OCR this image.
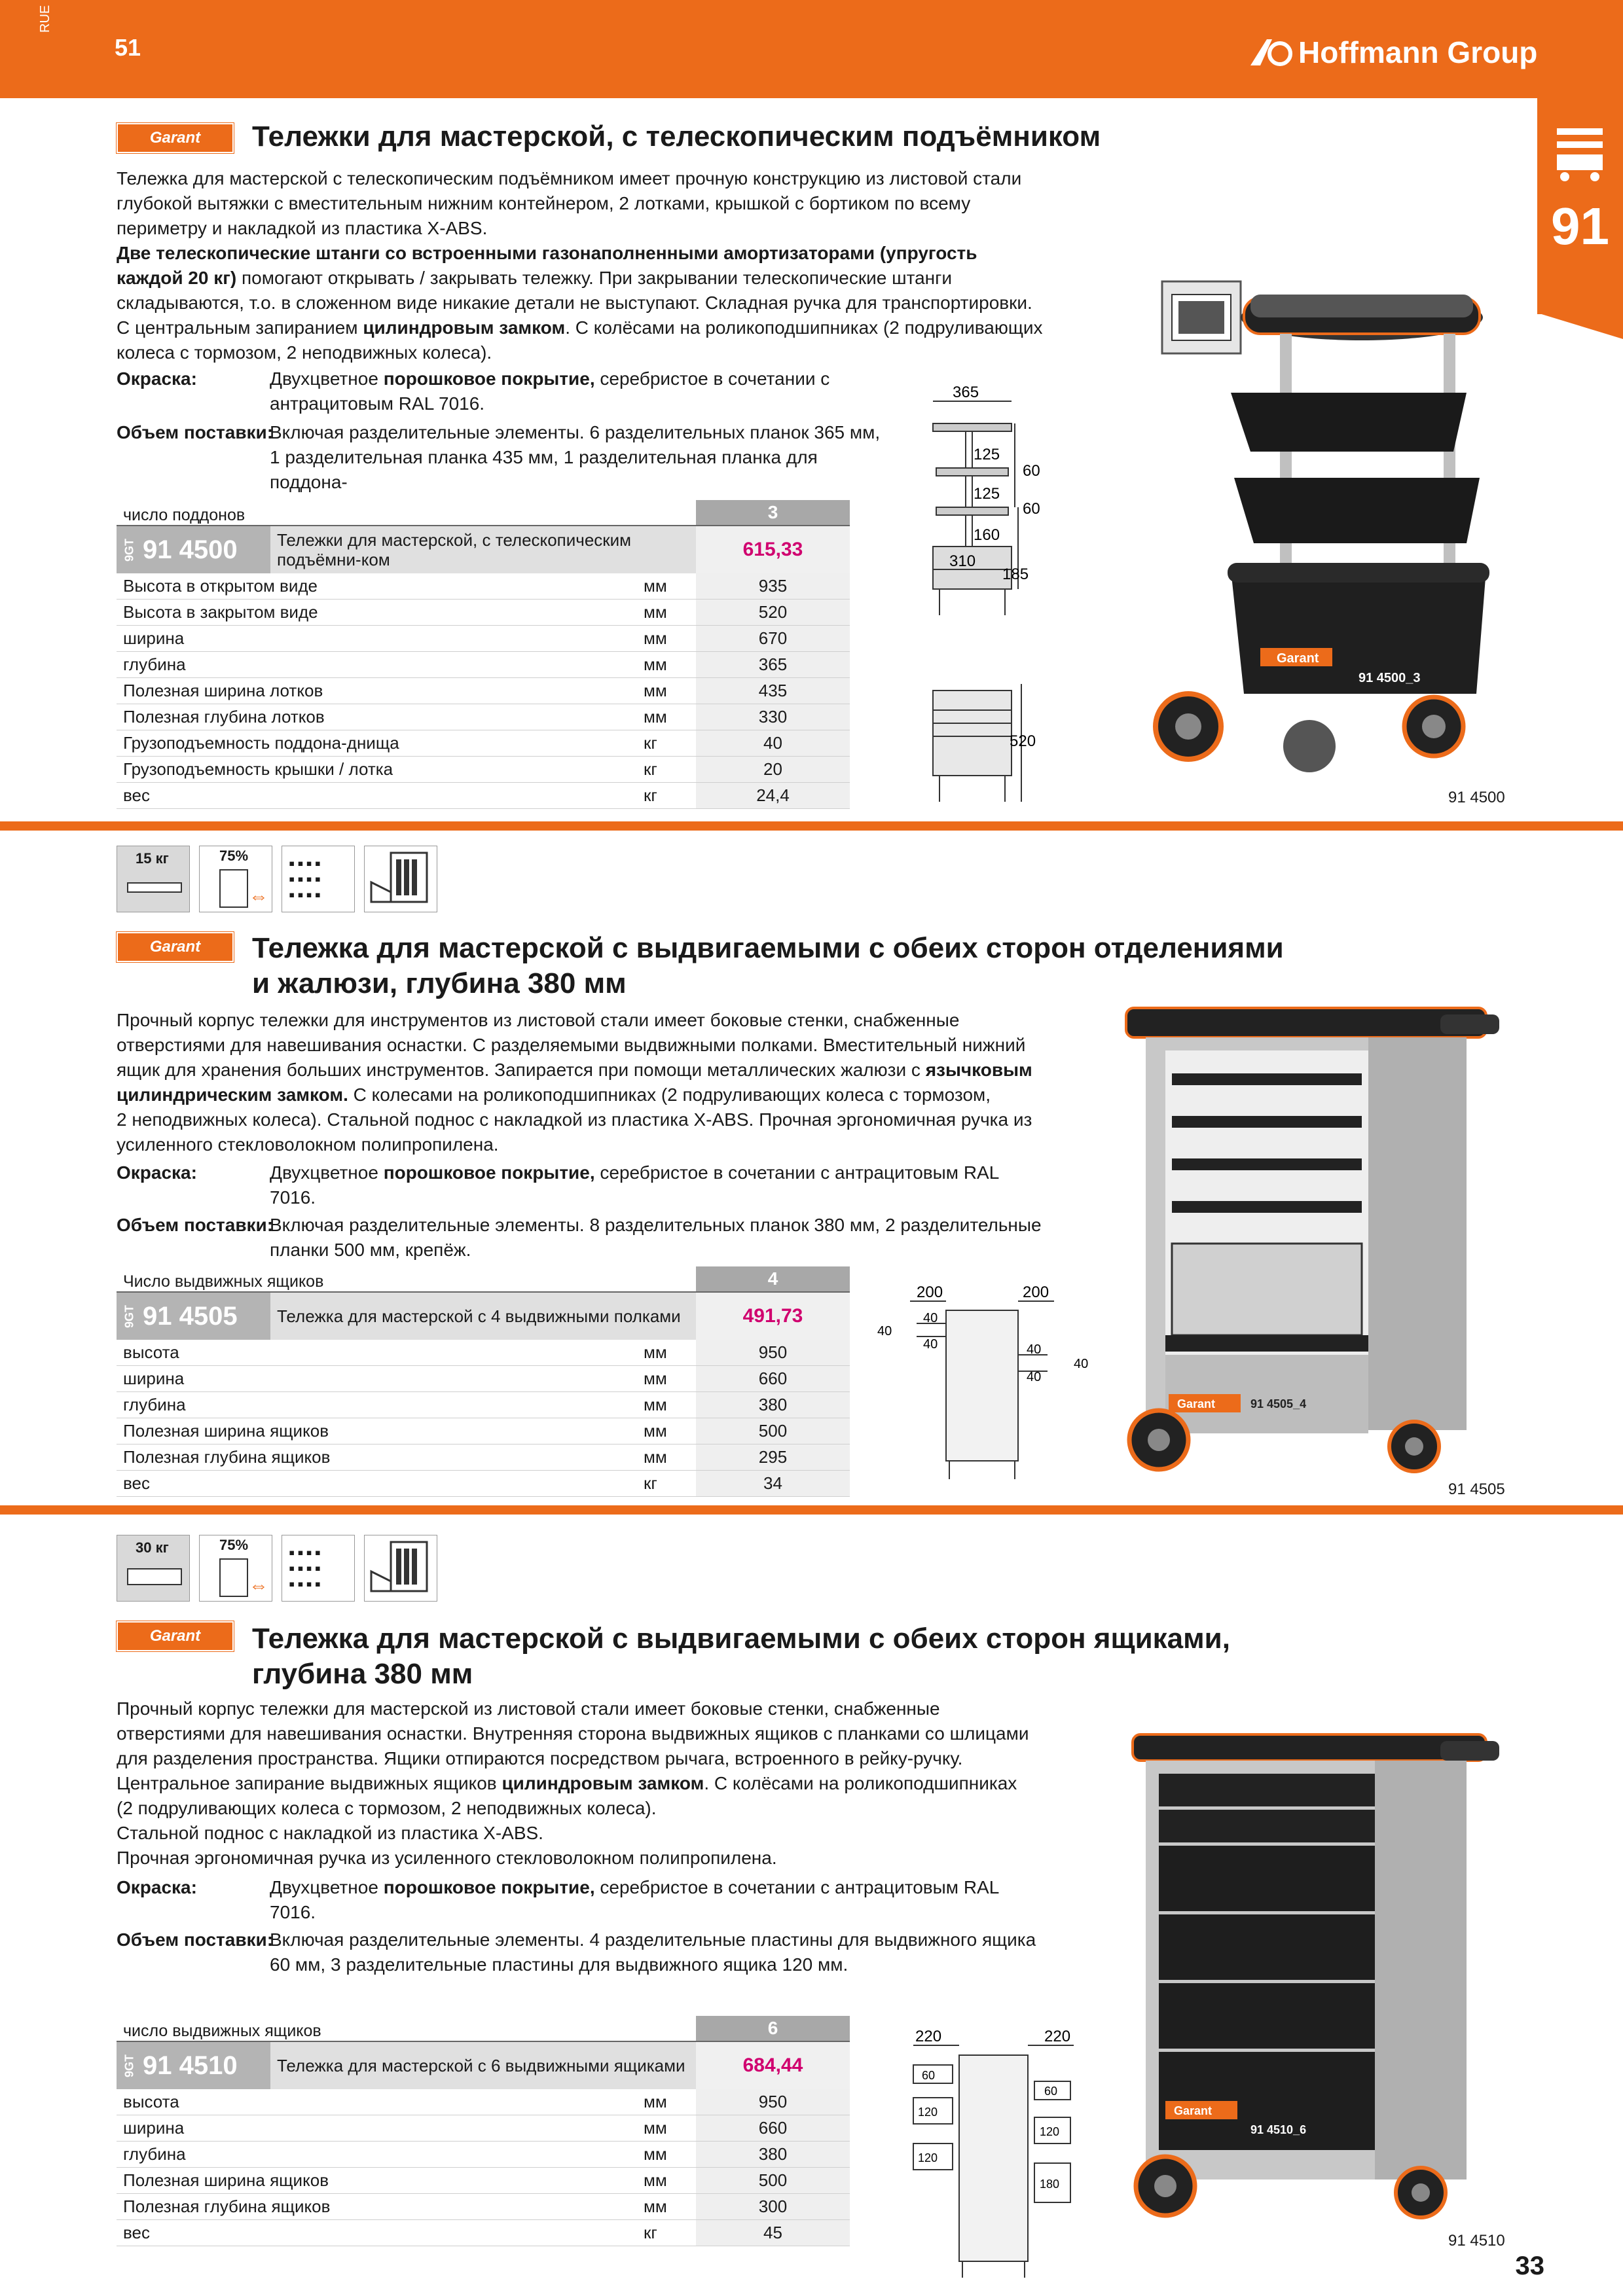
RUE
51	Hoffmann Group
91
Garant	Тележки для мастерской, с телескопическим подъёмником
Тележка для мастерской с телескопическим подъёмником имеет прочную конструкцию из листовой стали
глубокой вытяжки с вместительным нижним контейнером, 2 лотками, крышкой с бортиком по всему
периметру и накладкой из пластика X-ABS.
Две телескопические штанги со встроенными газонаполненными амортизаторами (упругость
каждой 20 кг) помогают открывать / закрывать тележку. При закрывании телескопические штанги
складываются, т.о. в сложенном виде никакие детали не выступают. Складная ручка для транспортировки.
С центральным запиранием цилиндровым замком. С колёсами на роликоподшипниках (2 подруливающих
колеса с тормозом, 2 неподвижных колеса).
Окраска:	Двухцветное порошковое покрытие, серебристое в сочетании с
антрацитовым RAL 7016.
Объем поставки:
Включая разделительные элементы. 6 разделительных планок 365 мм,
1 разделительная планка 435 мм, 1 разделительная планка для поддона-
число поддонов	3
9GT 91 4500	Тележки для мастерской, с телескопическим подъёмни-ком	615,33
Высота в открытом виде	мм	935
Высота в закрытом виде	мм	520
ширина	мм	670
глубина	мм	365
Полезная ширина лотков	мм	435
Полезная глубина лотков	мм	330
Грузоподъемность поддона-днища	кг	40
Грузоподъемность крышки / лотка	кг	20
вес	кг	24,4
365
125
125
60
60
160
310
185
520
Garant
91 4500_3
91 4500
15 кг	75%
⇔
▪▪▪▪
▪▪▪▪
▪▪▪▪
Garant	Тележка для мастерской с выдвигаемыми с обеих сторон отделениями
и жалюзи, глубина 380 мм
Прочный корпус тележки для инструментов из листовой стали имеет боковые стенки, снабженные
отверстиями для навешивания оснастки. С разделяемыми выдвижными полками. Вместительный нижний
ящик для хранения больших инструментов. Запирается при помощи металлических жалюзи с язычковым
цилиндрическим замком. С колесами на роликоподшипниках (2 подруливающих колеса с тормозом,
2 неподвижных колеса). Стальной поднос с накладкой из пластика X-ABS. Прочная эргономичная ручка из
усиленного стекловолокном полипропилена.
Окраска:	Двухцветное порошковое покрытие, серебристое в сочетании с антрацитовым RAL
7016.
Объем поставки:
Включая разделительные элементы. 8 разделительных планок 380 мм, 2 разделительные
планки 500 мм, крепёж.
Число выдвижных ящиков	4
9GT 91 4505	Тележка для мастерской с 4 выдвижными полками	491,73
высота	мм	950
ширина	мм	660
глубина	мм	380
Полезная ширина ящиков	мм	500
Полезная глубина ящиков	мм	295
вес	кг	34
200	200
40
40
40	40
40
40
Garant	91 4505_4
91 4505
30 кг	75%
⇔
▪▪▪▪
▪▪▪▪
▪▪▪▪
Garant	Тележка для мастерской с выдвигаемыми с обеих сторон ящиками,
глубина 380 мм
Прочный корпус тележки для мастерской из листовой стали имеет боковые стенки, снабженные
отверстиями для навешивания оснастки. Внутренняя сторона выдвижных ящиков с планками со шлицами
для разделения пространства. Ящики отпираются посредством рычага, встроенного в рейку-ручку.
Центральное запирание выдвижных ящиков цилиндровым замком. С колёсами на роликоподшипниках
(2 подруливающих колеса с тормозом, 2 неподвижных колеса).
Стальной поднос с накладкой из пластика X-ABS.
Прочная эргономичная ручка из усиленного стекловолокном полипропилена.
Окраска:	Двухцветное порошковое покрытие, серебристое в сочетании с антрацитовым RAL
7016.
Объем поставки:
Включая разделительные элементы. 4 разделительные пластины для выдвижного ящика
60 мм, 3 разделительные пластины для выдвижного ящика 120 мм.
число выдвижных ящиков	6
9GT 91 4510	Тележка для мастерской с 6 выдвижными ящиками	684,44
высота	мм	950
ширина	мм	660
глубина	мм	380
Полезная ширина ящиков	мм	500
Полезная глубина ящиков	мм	300
вес	кг	45
220	220
60
120
120
60
120
180
Garant
91 4510_6
91 4510
33
